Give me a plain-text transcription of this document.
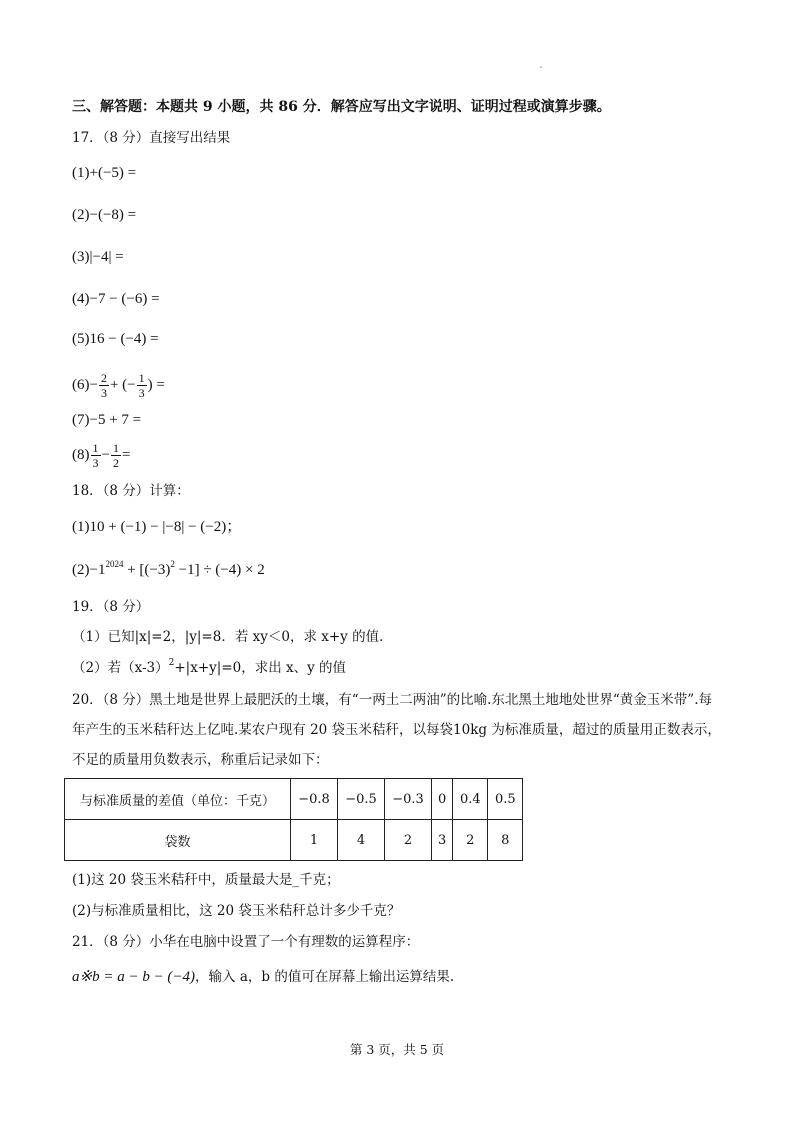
三、解答题：本题共 9 小题，共 86 分．解答应写出文字说明、证明过程或演算步骤。
17．（8 分）直接写出结果
(1)+(−5) =
(2)−(−8) =
(3)|−4| =
(4)−7 − (−6) =
(5)16 − (−4) =
$(6)- \frac{2}{3}$ + (− $\frac{1}{3}$ ) =
(7)−5 + 7 =
$(8) \frac{1}{3} - \frac{1}{2}$ =
18．（8 分）计算：
(1)10 + (−1) − |−8| − (−2)；
$(2)-1^{2024} + [(-3)^2 -1] \div (-4) \times 2$
19．（8 分）
（1）已知|x|=2，|y|=8．若 xy＜0，求 x+y 的值．
（2）若$(x-3)^2+|x+y|=0$，求出 x、y 的值
20．（8 分）黑土地是世界上最肥沃的土壤，有“一两土二两油”的比喻.东北黑土地地处世界“黄金玉米带”.每
年产生的玉米秸秆达上亿吨.某农户现有 20 袋玉米秸秆，以每袋10kg 为标准质量，超过的质量用正数表示，
不足的质量用负数表示，称重后记录如下：
与标准质量的差值（单位：千克）	−0.8	−0.5	−0.3	0	0.4	0.5
袋数	1	4	2	3	2	8
(1)这 20 袋玉米秸秆中，质量最大是_千克；
(2)与标准质量相比，这 20 袋玉米秸秆总计多少千克？
21．（8 分）小华在电脑中设置了一个有理数的运算程序：
a※b = a − b − (−4)，输入 a，b 的值可在屏幕上输出运算结果.
第 3 页，共 5 页
